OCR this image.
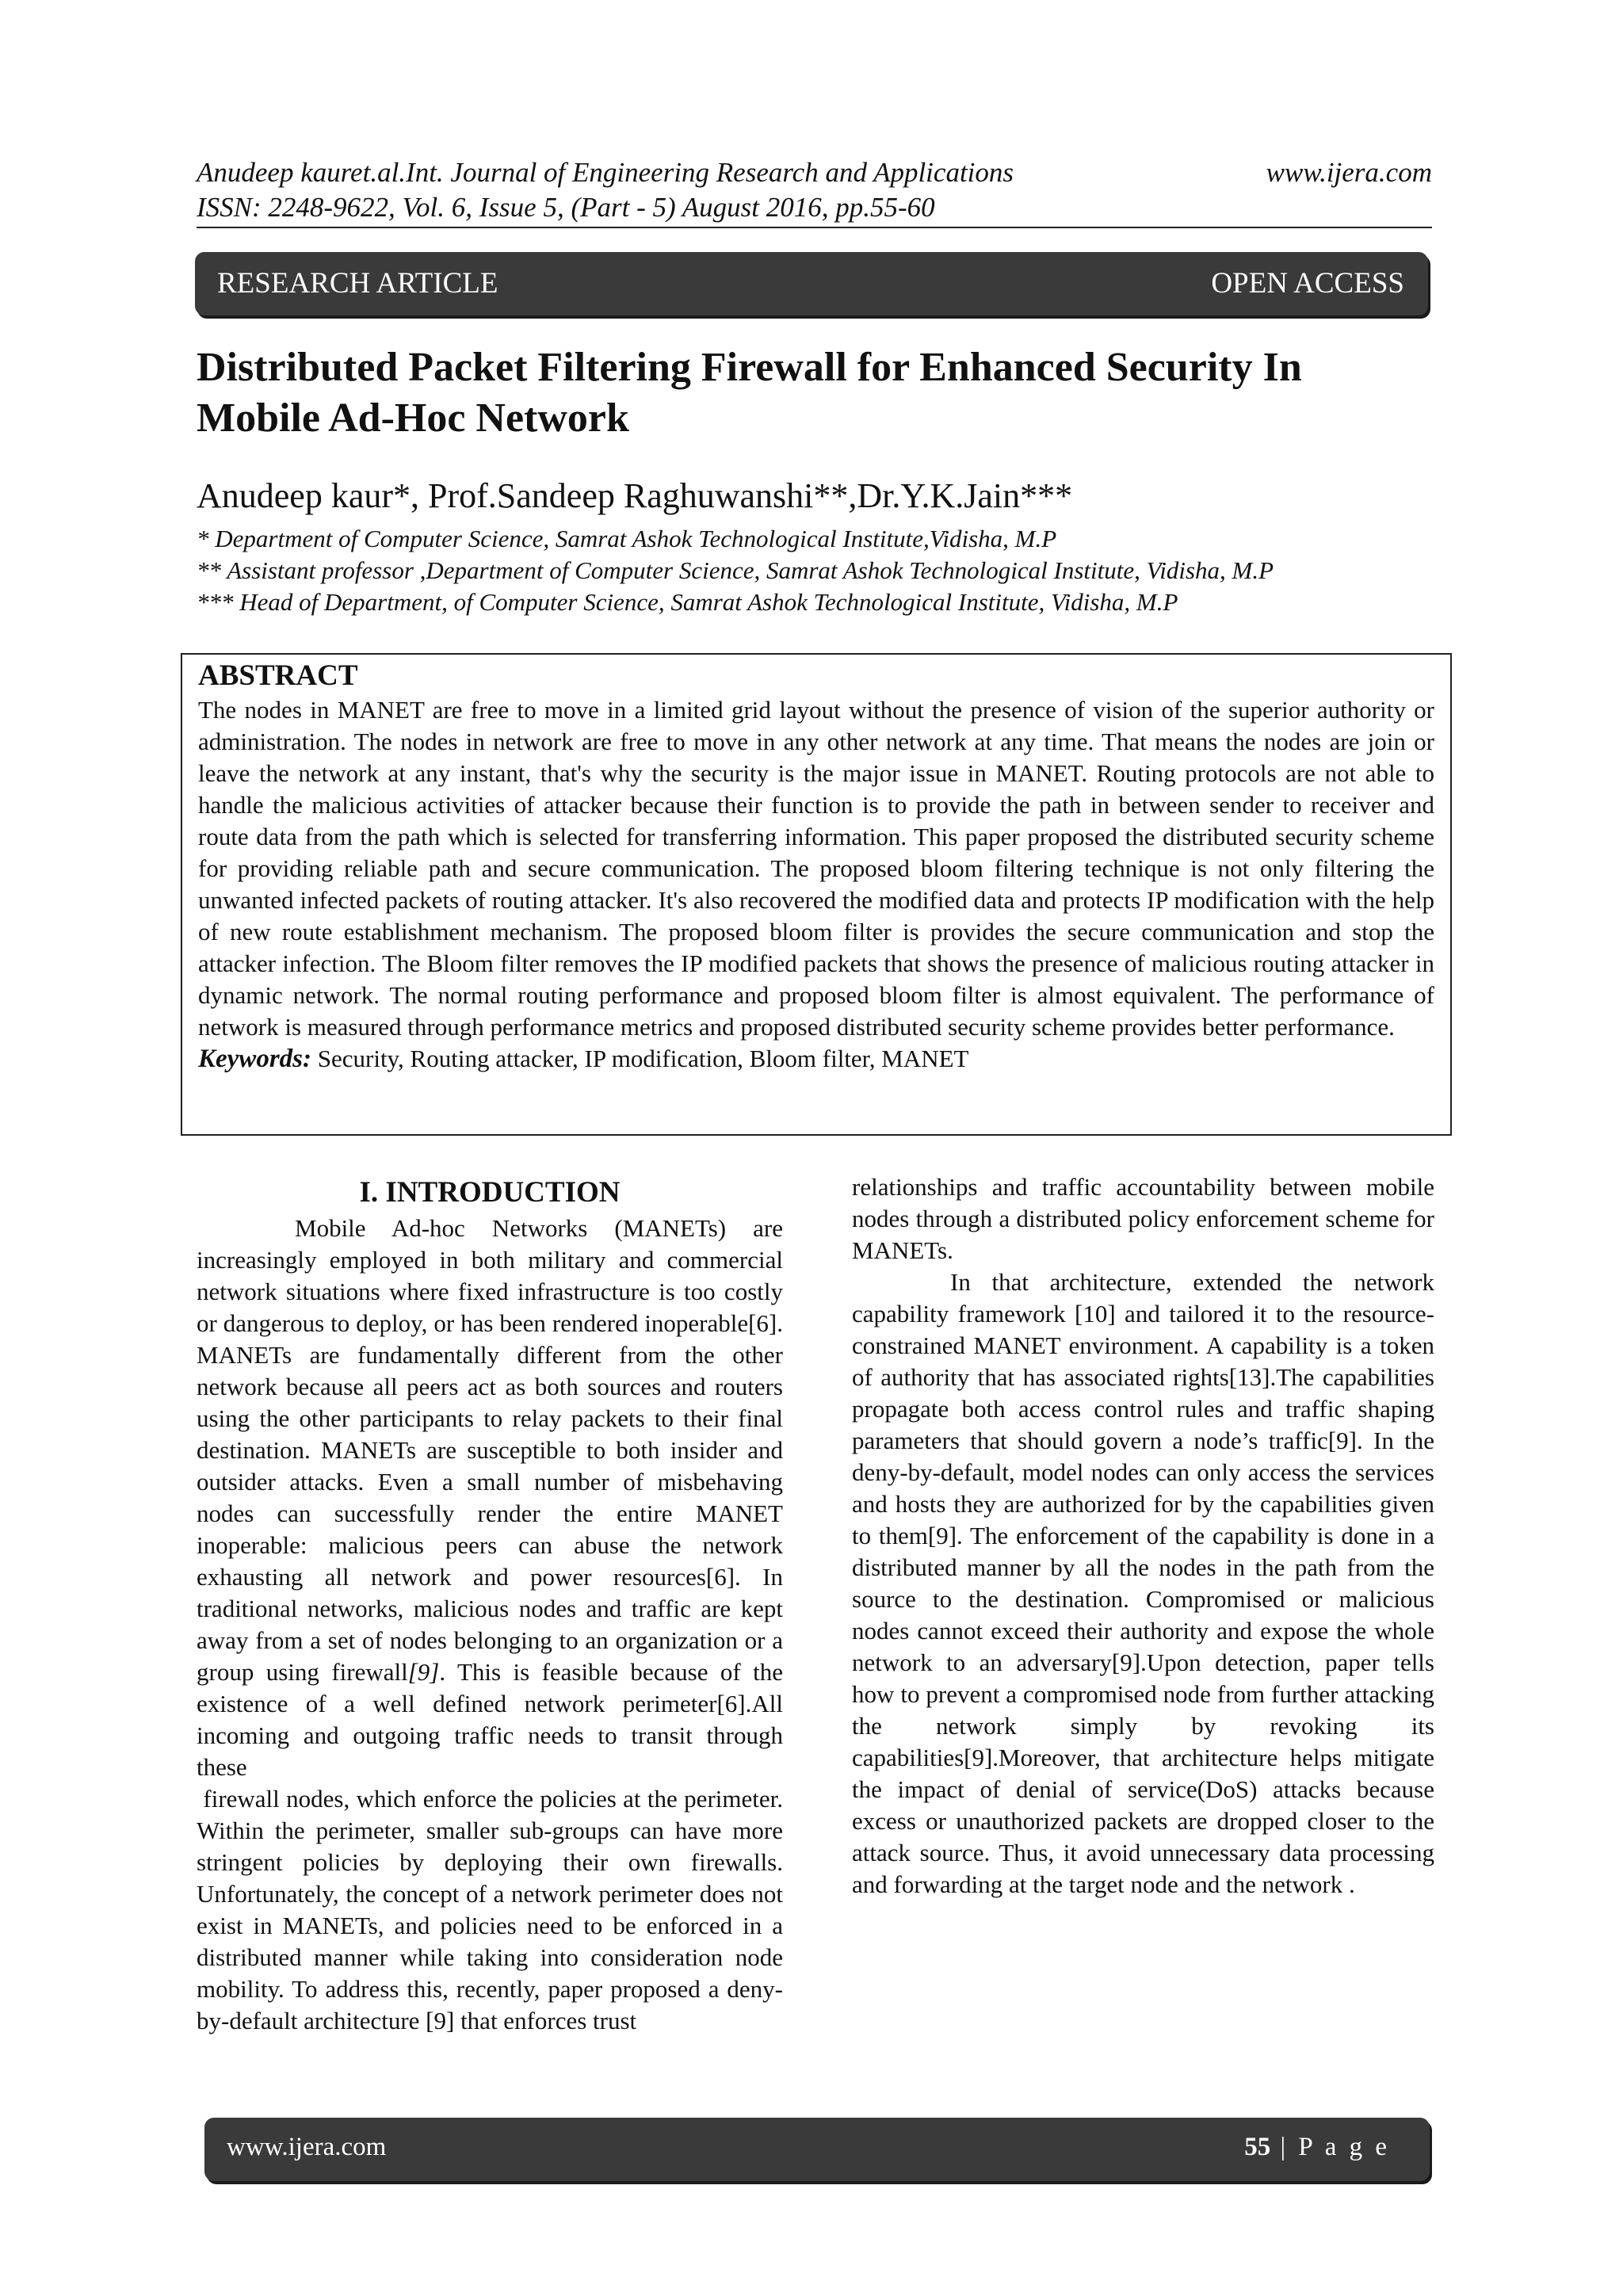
Anudeep kauret.al.Int. Journal of Engineering Research and Applications	www.ijera.com
ISSN: 2248-9622, Vol. 6, Issue 5, (Part - 5) August 2016, pp.55-60
RESEARCH ARTICLE	OPEN ACCESS
Distributed Packet Filtering Firewall for Enhanced Security In Mobile Ad-Hoc Network
Anudeep kaur*, Prof.Sandeep Raghuwanshi**,Dr.Y.K.Jain***
* Department of Computer Science, Samrat Ashok Technological Institute,Vidisha, M.P
** Assistant professor ,Department of Computer Science, Samrat Ashok Technological Institute, Vidisha, M.P
*** Head of Department, of Computer Science, Samrat Ashok Technological Institute, Vidisha, M.P
ABSTRACT

The nodes in MANET are free to move in a limited grid layout without the presence of vision of the superior authority or administration. The nodes in network are free to move in any other network at any time. That means the nodes are join or leave the network at any instant, that's why the security is the major issue in MANET. Routing protocols are not able to handle the malicious activities of attacker because their function is to provide the path in between sender to receiver and route data from the path which is selected for transferring information. This paper proposed the distributed security scheme for providing reliable path and secure communication. The proposed bloom filtering technique is not only filtering the unwanted infected packets of routing attacker. It's also recovered the modified data and protects IP modification with the help of new route establishment mechanism. The proposed bloom filter is provides the secure communication and stop the attacker infection. The Bloom filter removes the IP modified packets that shows the presence of malicious routing attacker in dynamic network. The normal routing performance and proposed bloom filter is almost equivalent. The performance of network is measured through performance metrics and proposed distributed security scheme provides better performance.

Keywords: Security, Routing attacker, IP modification, Bloom filter, MANET

I. INTRODUCTION

Mobile Ad-hoc Networks (MANETs) are increasingly employed in both military and commercial network situations where fixed infrastructure is too costly or dangerous to deploy, or has been rendered inoperable[6]. MANETs are fundamentally different from the other network because all peers act as both sources and routers using the other participants to relay packets to their final destination. MANETs are susceptible to both insider and outsider attacks. Even a small number of misbehaving nodes can successfully render the entire MANET inoperable: malicious peers can abuse the network exhausting all network and power resources[6]. In traditional networks, malicious nodes and traffic are kept away from a set of nodes belonging to an organization or a group using firewall[9]. This is feasible because of the existence of a well defined network perimeter[6].All incoming and outgoing traffic needs to transit through these

firewall nodes, which enforce the policies at the perimeter. Within the perimeter, smaller sub-groups can have more stringent policies by deploying their own firewalls. Unfortunately, the concept of a network perimeter does not exist in MANETs, and policies need to be enforced in a distributed manner while taking into consideration node mobility. To address this, recently, paper proposed a deny-by-default architecture [9] that enforces trust

relationships and traffic accountability between mobile nodes through a distributed policy enforcement scheme for MANETs.

In that architecture, extended the network capability framework [10] and tailored it to the resource-constrained MANET environment. A capability is a token of authority that has associated rights[13].The capabilities propagate both access control rules and traffic shaping parameters that should govern a node’s traffic[9]. In the deny-by-default, model nodes can only access the services and hosts they are authorized for by the capabilities given to them[9]. The enforcement of the capability is done in a distributed manner by all the nodes in the path from the source to the destination. Compromised or malicious nodes cannot exceed their authority and expose the whole network to an adversary[9].Upon detection, paper tells how to prevent a compromised node from further attacking the network simply by revoking its capabilities[9].Moreover, that architecture helps mitigate the impact of denial of service(DoS) attacks because excess or unauthorized packets are dropped closer to the attack source. Thus, it avoid unnecessary data processing and forwarding at the target node and the network .

www.ijera.com	55 | P a g e
